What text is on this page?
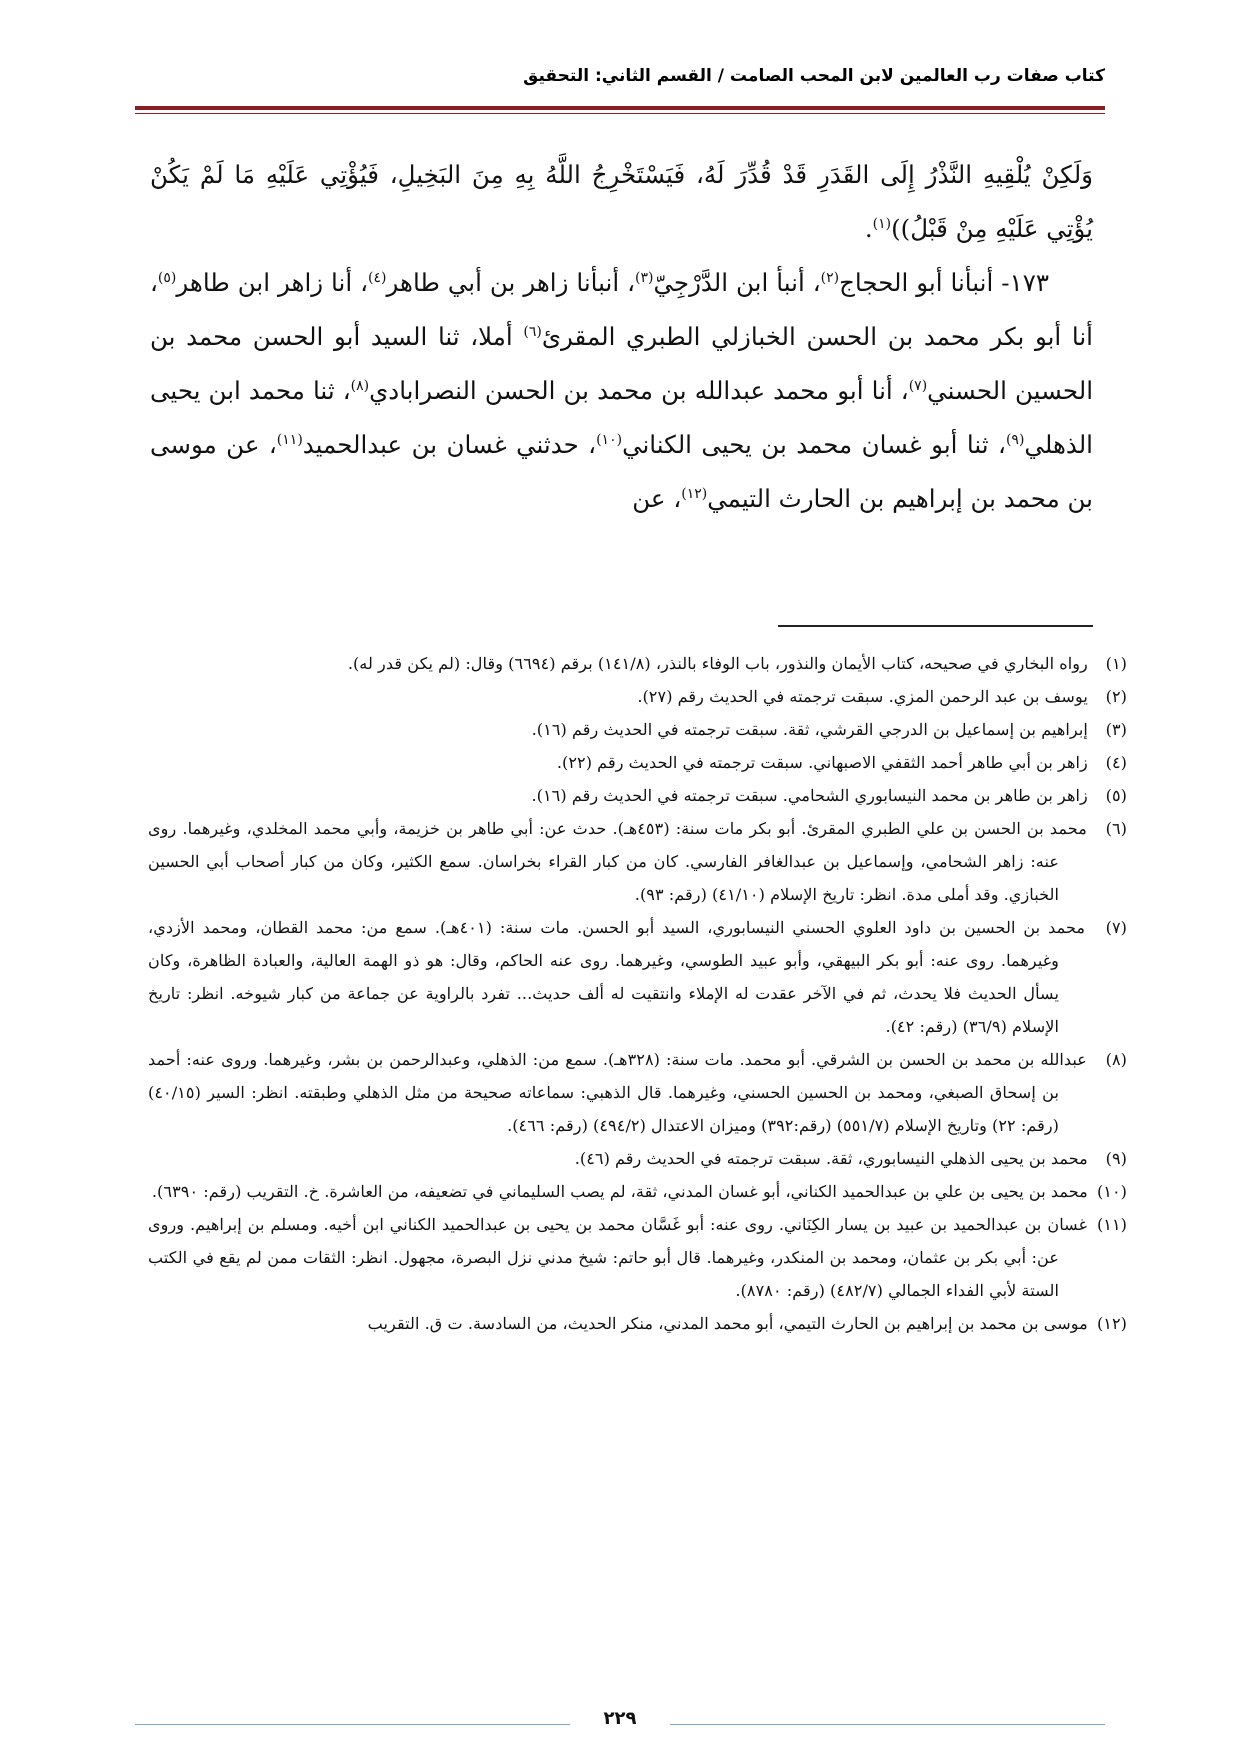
كتاب صفات رب العالمين لابن المحب الصامت / القسم الثاني: التحقيق

وَلَكِنْ يُلْقِيهِ النَّذْرُ إِلَى القَدَرِ قَدْ قُدِّرَ لَهُ، فَيَسْتَخْرِجُ اللَّهُ بِهِ مِنَ البَخِيلِ، فَيُؤْتِي عَلَيْهِ مَا لَمْ يَكُنْ يُؤْتِي عَلَيْهِ مِنْ قَبْلُ))$^{(١)}$.

١٧٣- أنبأنا أبو الحجاج$^{(٢)}$، أنبأ ابن الدَّرْجِيّ$^{(٣)}$، أنبأنا زاهر بن أبي طاهر$^{(٤)}$، أنا زاهر ابن طاهر$^{(٥)}$، أنا أبو بكر محمد بن الحسن الخبازلي الطبري المقرئ$^{(٦)}$ أملا، ثنا السيد أبو الحسن محمد بن الحسين الحسني$^{(٧)}$، أنا أبو محمد عبدالله بن محمد بن الحسن النصرابادي$^{(٨)}$، ثنا محمد ابن يحيى الذهلي$^{(٩)}$، ثنا أبو غسان محمد بن يحيى الكناني$^{(١٠)}$، حدثني غسان بن عبدالحميد$^{(١١)}$، عن موسى بن محمد بن إبراهيم بن الحارث التيمي$^{(١٢)}$، عن

(١) رواه البخاري في صحيحه، كتاب الأيمان والنذور، باب الوفاء بالنذر، (١٤١/٨) برقم (٦٦٩٤) وقال: (لم يكن قدر له).

(٢) يوسف بن عبد الرحمن المزي. سبقت ترجمته في الحديث رقم (٢٧).

(٣) إبراهيم بن إسماعيل بن الدرجي القرشي، ثقة. سبقت ترجمته في الحديث رقم (١٦).

(٤) زاهر بن أبي طاهر أحمد الثقفي الاصبهاني. سبقت ترجمته في الحديث رقم (٢٢).

(٥) زاهر بن طاهر بن محمد النيسابوري الشحامي. سبقت ترجمته في الحديث رقم (١٦).

(٦) محمد بن الحسن بن علي الطبري المقرئ. أبو بكر مات سنة: (٤٥٣هـ). حدث عن: أبي طاهر بن خزيمة، وأبي محمد المخلدي، وغيرهما. روى عنه: زاهر الشحامي، وإسماعيل بن عبدالغافر الفارسي. كان من كبار القراء بخراسان. سمع الكثير، وكان من كبار أصحاب أبي الحسين الخبازي. وقد أملى مدة. انظر: تاريخ الإسلام (٤١/١٠) (رقم: ٩٣).

(٧) محمد بن الحسين بن داود العلوي الحسني النيسابوري، السيد أبو الحسن. مات سنة: (٤٠١هـ). سمع من: محمد القطان، ومحمد الأزدي، وغيرهما. روى عنه: أبو بكر البيهقي، وأبو عبيد الطوسي، وغيرهما. روى عنه الحاكم، وقال: هو ذو الهمة العالية، والعبادة الظاهرة، وكان يسأل الحديث فلا يحدث، ثم في الآخر عقدت له الإملاء وانتقيت له ألف حديث... تفرد بالراوية عن جماعة من كبار شيوخه. انظر: تاريخ الإسلام (٣٦/٩) (رقم: ٤٢).

(٨) عبدالله بن محمد بن الحسن بن الشرقي. أبو محمد. مات سنة: (٣٢٨هـ). سمع من: الذهلي، وعبدالرحمن بن بشر، وغيرهما. وروى عنه: أحمد بن إسحاق الصبغي، ومحمد بن الحسين الحسني، وغيرهما. قال الذهبي: سماعاته صحيحة من مثل الذهلي وطبقته. انظر: السير (٤٠/١٥) (رقم: ٢٢) وتاريخ الإسلام (٥٥١/٧) (رقم:٣٩٢) وميزان الاعتدال (٤٩٤/٢) (رقم: ٤٦٦).

(٩) محمد بن يحيى الذهلي النيسابوري، ثقة. سبقت ترجمته في الحديث رقم (٤٦).

(١٠) محمد بن يحيى بن علي بن عبدالحميد الكناني، أبو غسان المدني، ثقة، لم يصب السليماني في تضعيفه، من العاشرة. خ. التقريب (رقم: ٦٣٩٠).

(١١) غسان بن عبدالحميد بن عبيد بن يسار الكِنَاني. روى عنه: أبو غَسَّان محمد بن يحيى بن عبدالحميد الكناني ابن أخيه. ومسلم بن إبراهيم. وروى عن: أبي بكر بن عثمان، ومحمد بن المنكدر، وغيرهما. قال أبو حاتم: شيخ مدني نزل البصرة، مجهول. انظر: الثقات ممن لم يقع في الكتب الستة لأبي الفداء الجمالي (٤٨٢/٧) (رقم: ٨٧٨٠).

(١٢) موسى بن محمد بن إبراهيم بن الحارث التيمي، أبو محمد المدني، منكر الحديث، من السادسة. ت ق. التقريب

٢٢٩
